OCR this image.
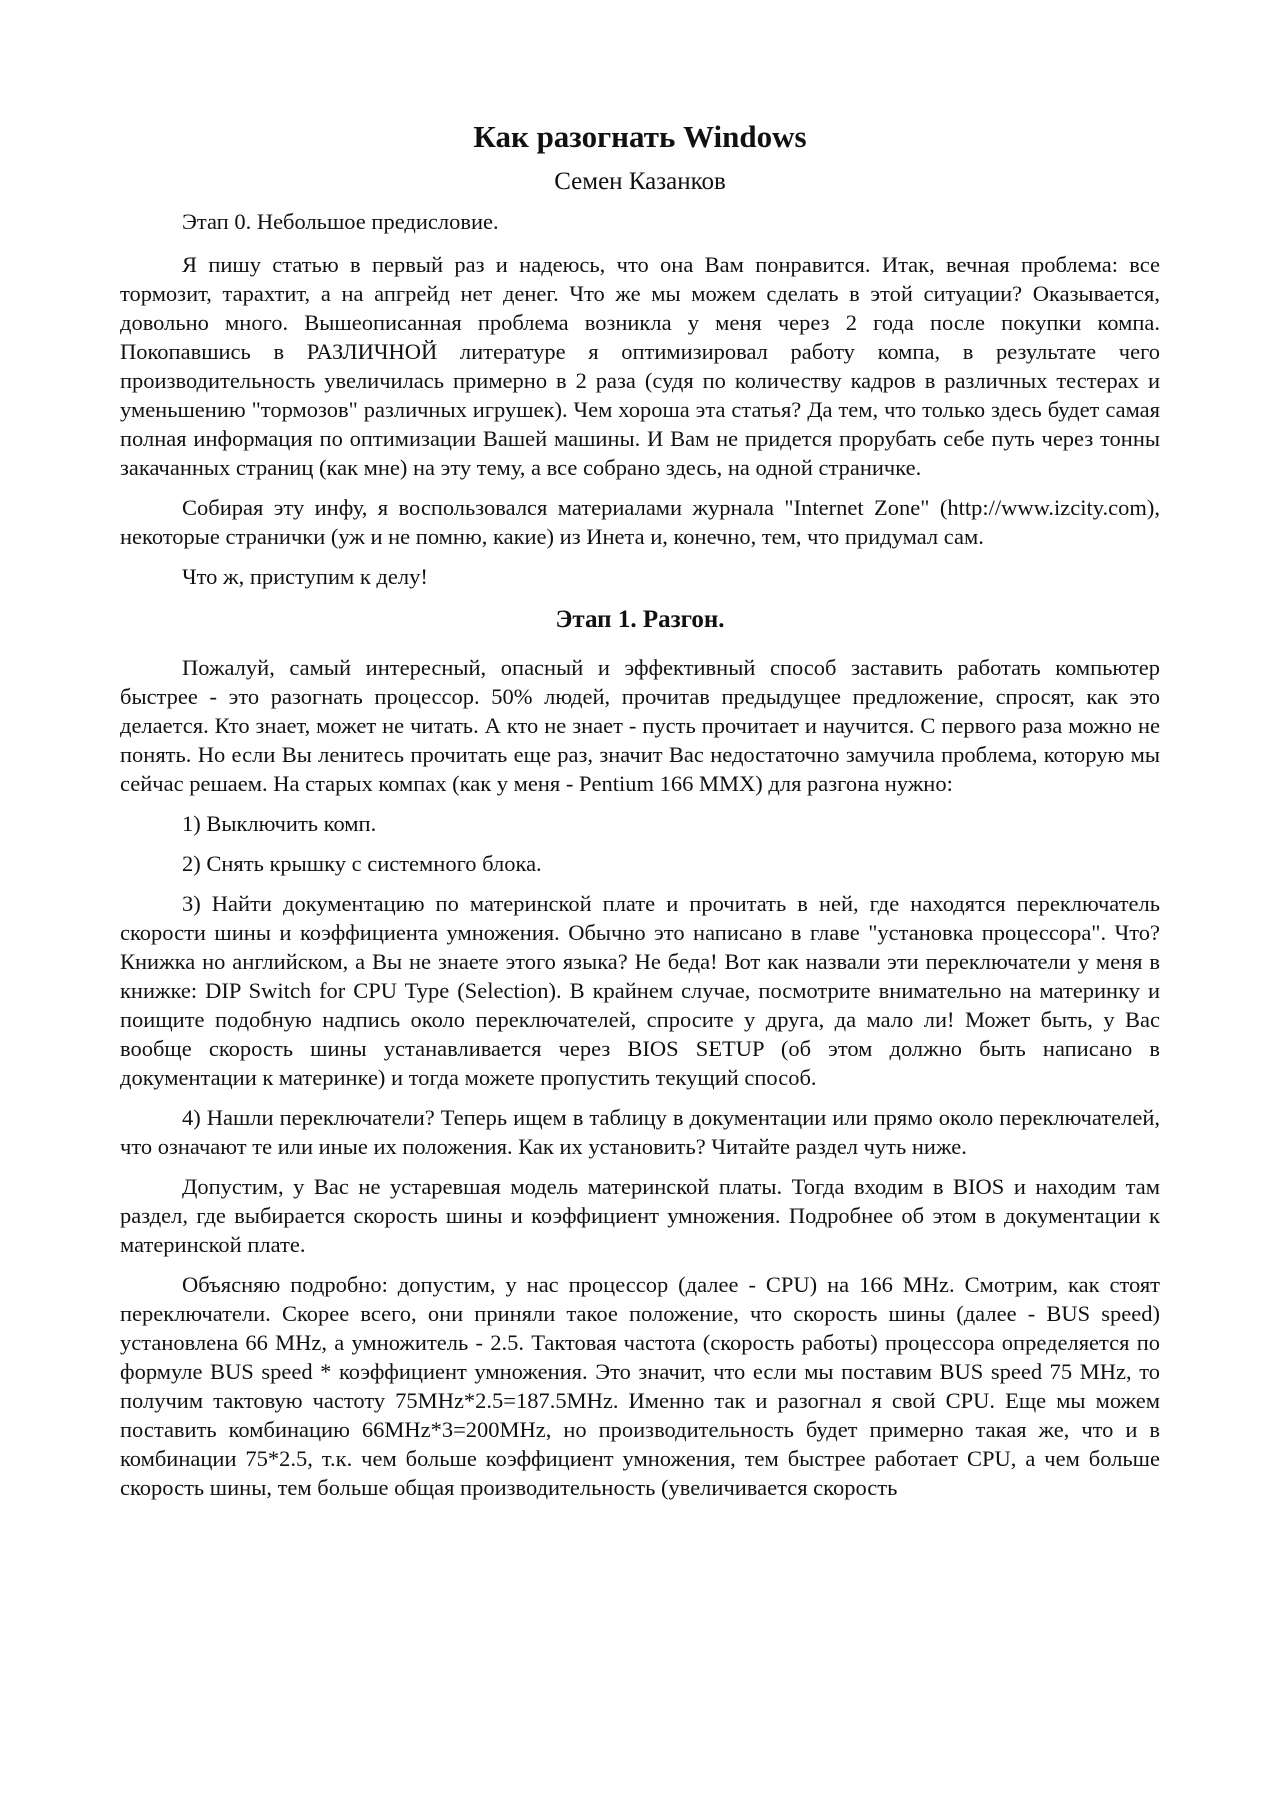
Как разогнать Windows
Семен Казанков

Этап 0. Небольшое предисловие.

Я пишу статью в первый раз и надеюсь, что она Вам понравится. Итак, вечная проблема: все тормозит, тарахтит, а на апгрейд нет денег. Что же мы можем сделать в этой ситуации? Оказывается, довольно много. Вышеописанная проблема возникла у меня через 2 года после покупки компа. Покопавшись в РАЗЛИЧНОЙ литературе я оптимизировал работу компа, в результате чего производительность увеличилась примерно в 2 раза (судя по количеству кадров в различных тестерах и уменьшению "тормозов" различных игрушек). Чем хороша эта статья? Да тем, что только здесь будет самая полная информация по оптимизации Вашей машины. И Вам не придется прорубать себе путь через тонны закачанных страниц (как мне) на эту тему, а все собрано здесь, на одной страничке.

Собирая эту инфу, я воспользовался материалами журнала "Internet Zone" (http://www.izcity.com), некоторые странички (уж и не помню, какие) из Инета и, конечно, тем, что придумал сам.

Что ж, приступим к делу!

Этап 1. Разгон.

Пожалуй, самый интересный, опасный и эффективный способ заставить работать компьютер быстрее - это разогнать процессор. 50% людей, прочитав предыдущее предложение, спросят, как это делается. Кто знает, может не читать. А кто не знает - пусть прочитает и научится. С первого раза можно не понять. Но если Вы ленитесь прочитать еще раз, значит Вас недостаточно замучила проблема, которую мы сейчас решаем. На старых компах (как у меня - Pentium 166 MMX) для разгона нужно:

1) Выключить комп.

2) Снять крышку с системного блока.

3) Найти документацию по материнской плате и прочитать в ней, где находятся переключатель скорости шины и коэффициента умножения. Обычно это написано в главе "установка процессора". Что? Книжка но английском, а Вы не знаете этого языка? Не беда! Вот как назвали эти переключатели у меня в книжке: DIP Switch for CPU Type (Selection). В крайнем случае, посмотрите внимательно на материнку и поищите подобную надпись около переключателей, спросите у друга, да мало ли! Может быть, у Вас вообще скорость шины устанавливается через BIOS SETUP (об этом должно быть написано в документации к материнке) и тогда можете пропустить текущий способ.

4) Нашли переключатели? Теперь ищем в таблицу в документации или прямо около переключателей, что означают те или иные их положения. Как их установить? Читайте раздел чуть ниже.

Допустим, у Вас не устаревшая модель материнской платы. Тогда входим в BIOS и находим там раздел, где выбирается скорость шины и коэффициент умножения. Подробнее об этом в документации к материнской плате.

Объясняю подробно: допустим, у нас процессор (далее - CPU) на 166 MHz. Смотрим, как стоят переключатели. Скорее всего, они приняли такое положение, что скорость шины (далее - BUS speed) установлена 66 MHz, а умножитель - 2.5. Тактовая частота (скорость работы) процессора определяется по формуле BUS speed * коэффициент умножения. Это значит, что если мы поставим BUS speed 75 MHz, то получим тактовую частоту 75MHz*2.5=187.5MHz. Именно так и разогнал я свой CPU. Еще мы можем поставить комбинацию 66MHz*3=200MHz, но производительность будет примерно такая же, что и в комбинации 75*2.5, т.к. чем больше коэффициент умножения, тем быстрее работает CPU, а чем больше скорость шины, тем больше общая производительность (увеличивается скорость
